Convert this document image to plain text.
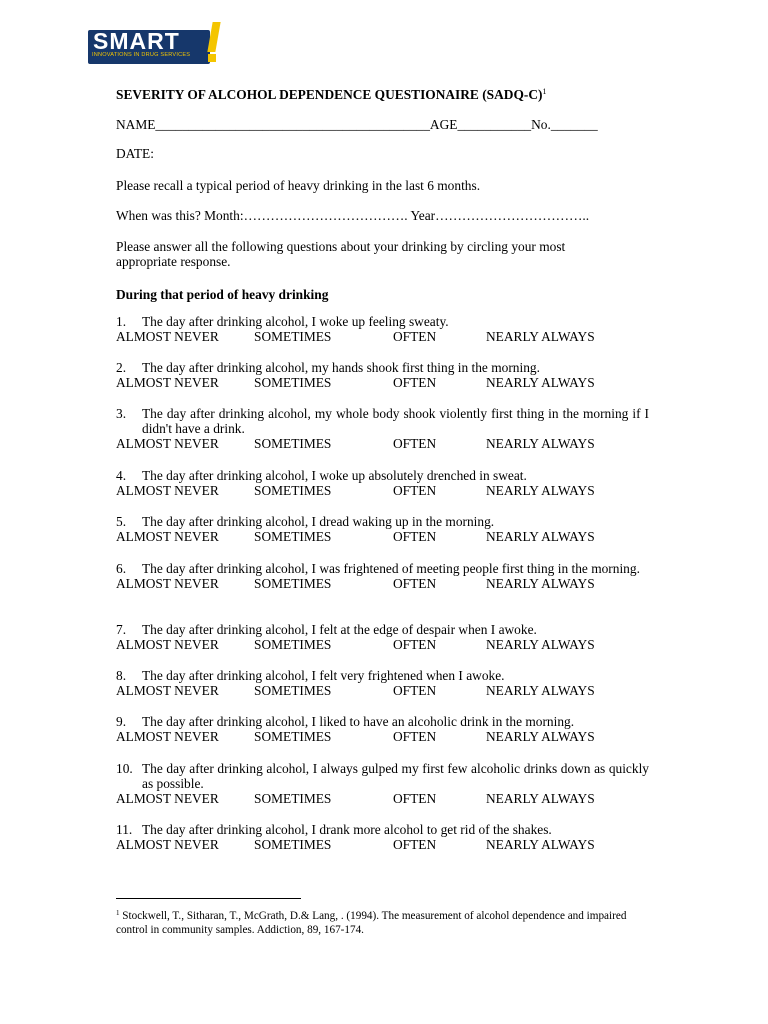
SMART
INNOVATIONS IN DRUG SERVICES
SEVERITY OF ALCOHOL DEPENDENCE QUESTIONAIRE (SADQ-C)$^1$
NAME_________________________________________AGE___________No._______
DATE:
Please recall a typical period of heavy drinking in the last 6 months.
When was this? Month:………………………………. Year……………………………..
Please answer all the following questions about your drinking by circling your most appropriate response.
During that period of heavy drinking
1.	The day after drinking alcohol, I woke up feeling sweaty.
ALMOST NEVER	SOMETIMES	OFTEN	NEARLY ALWAYS
2.	The day after drinking alcohol, my hands shook first thing in the morning.
ALMOST NEVER	SOMETIMES	OFTEN	NEARLY ALWAYS
3.	The day after drinking alcohol, my whole body shook violently first thing in the morning if I didn't have a drink.
ALMOST NEVER	SOMETIMES	OFTEN	NEARLY ALWAYS
4.	The day after drinking alcohol, I woke up absolutely drenched in sweat.
ALMOST NEVER	SOMETIMES	OFTEN	NEARLY ALWAYS
5.	The day after drinking alcohol, I dread waking up in the morning.
ALMOST NEVER	SOMETIMES	OFTEN	NEARLY ALWAYS
6.	The day after drinking alcohol, I was frightened of meeting people first thing in the morning.
ALMOST NEVER	SOMETIMES	OFTEN	NEARLY ALWAYS
7.	The day after drinking alcohol, I felt at the edge of despair when I awoke.
ALMOST NEVER	SOMETIMES	OFTEN	NEARLY ALWAYS
8.	The day after drinking alcohol, I felt very frightened when I awoke.
ALMOST NEVER	SOMETIMES	OFTEN	NEARLY ALWAYS
9.	The day after drinking alcohol, I liked to have an alcoholic drink in the morning.
ALMOST NEVER	SOMETIMES	OFTEN	NEARLY ALWAYS
10. The day after drinking alcohol, I always gulped my first few alcoholic drinks down as quickly as possible.
ALMOST NEVER	SOMETIMES	OFTEN	NEARLY ALWAYS
11. The day after drinking alcohol, I drank more alcohol to get rid of the shakes.
ALMOST NEVER	SOMETIMES	OFTEN	NEARLY ALWAYS
$^1$ Stockwell, T., Sitharan, T., McGrath, D.& Lang, . (1994). The measurement of alcohol dependence and impaired control in community samples. Addiction, 89, 167-174.
